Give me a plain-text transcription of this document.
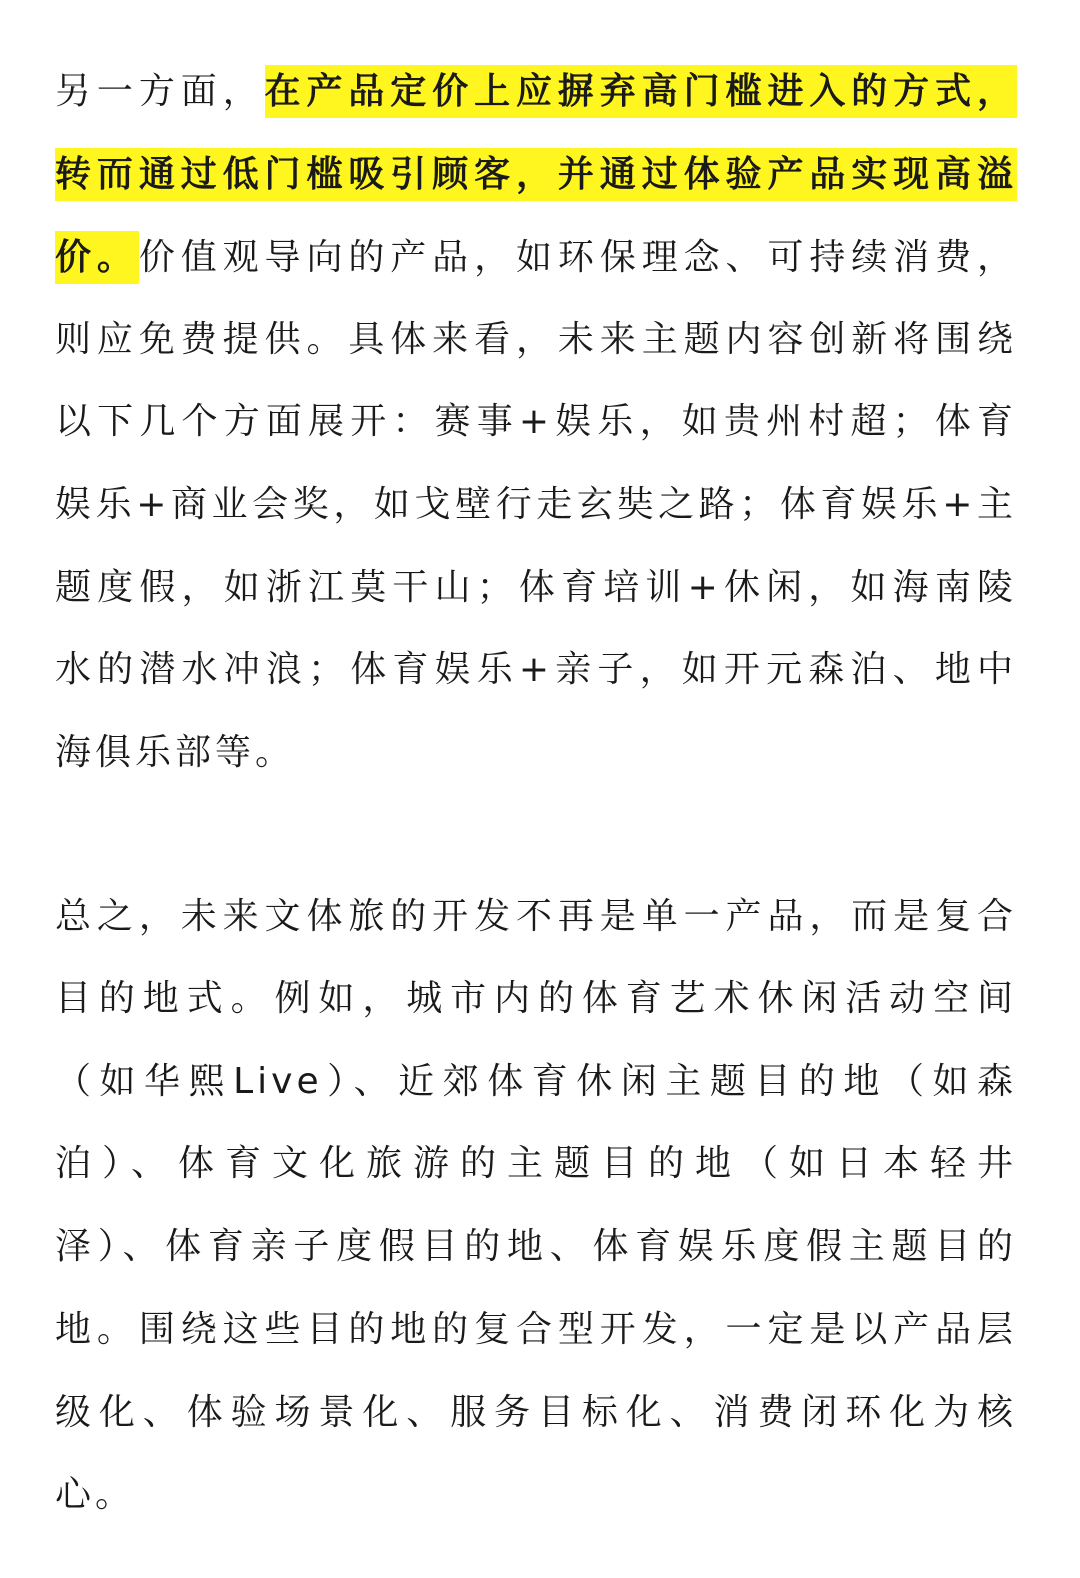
另一方面，在产品定价上应摒弃高门槛进入的方式，
转而通过低门槛吸引顾客，并通过体验产品实现高溢
价。价值观导向的产品，如环保理念、可持续消费，
则应免费提供。具体来看，未来主题内容创新将围绕
以下几个方面展开：赛事+娱乐，如贵州村超；体育
娱乐+商业会奖，如戈壁行走玄奘之路；体育娱乐+主
题度假，如浙江莫干山；体育培训+休闲，如海南陵
水的潜水冲浪；体育娱乐+亲子，如开元森泊、地中
海俱乐部等。
总之，未来文体旅的开发不再是单一产品，而是复合
目的地式。例如，城市内的体育艺术休闲活动空间
（如华熙Live）、近郊体育休闲主题目的地（如森
泊）、体育文化旅游的主题目的地（如日本轻井
泽）、体育亲子度假目的地、体育娱乐度假主题目的
地。围绕这些目的地的复合型开发，一定是以产品层
级化、体验场景化、服务目标化、消费闭环化为核
心。
